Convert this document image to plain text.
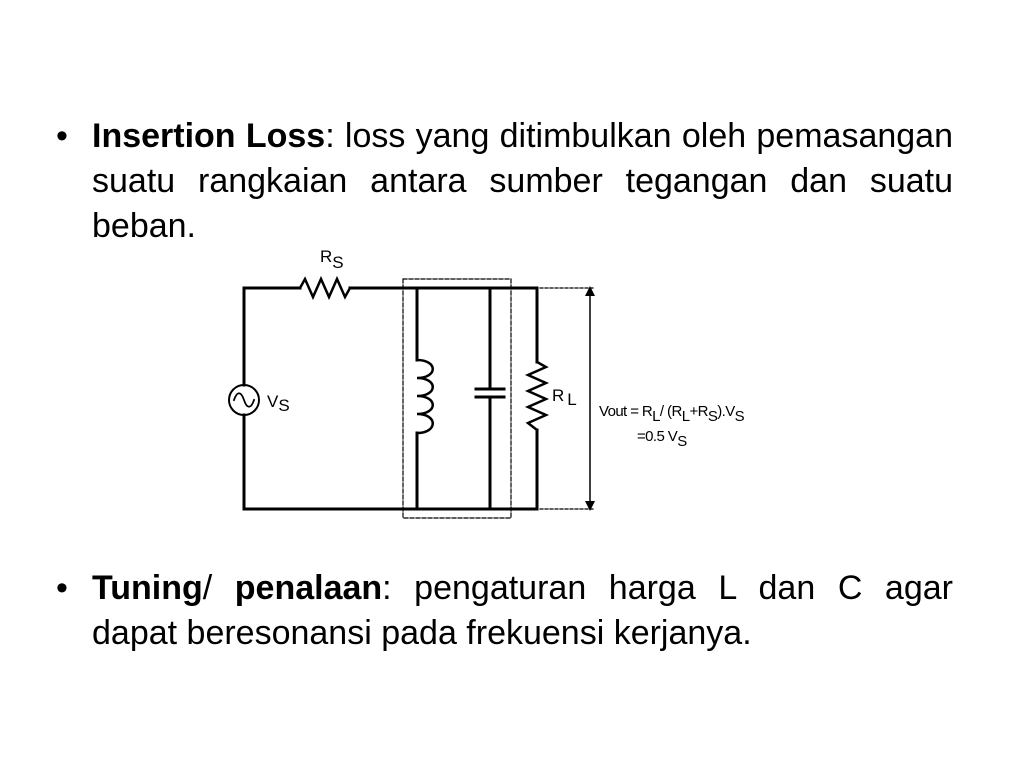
• Insertion Loss: loss yang ditimbulkan oleh pemasangan suatu rangkaian antara sumber tegangan dan suatu beban.
RS
VS
R L
Vout = RL/ (RL+RS).VS
=0.5 VS
• Tuning/ penalaan: pengaturan harga L dan C agar dapat beresonansi pada frekuensi kerjanya.
